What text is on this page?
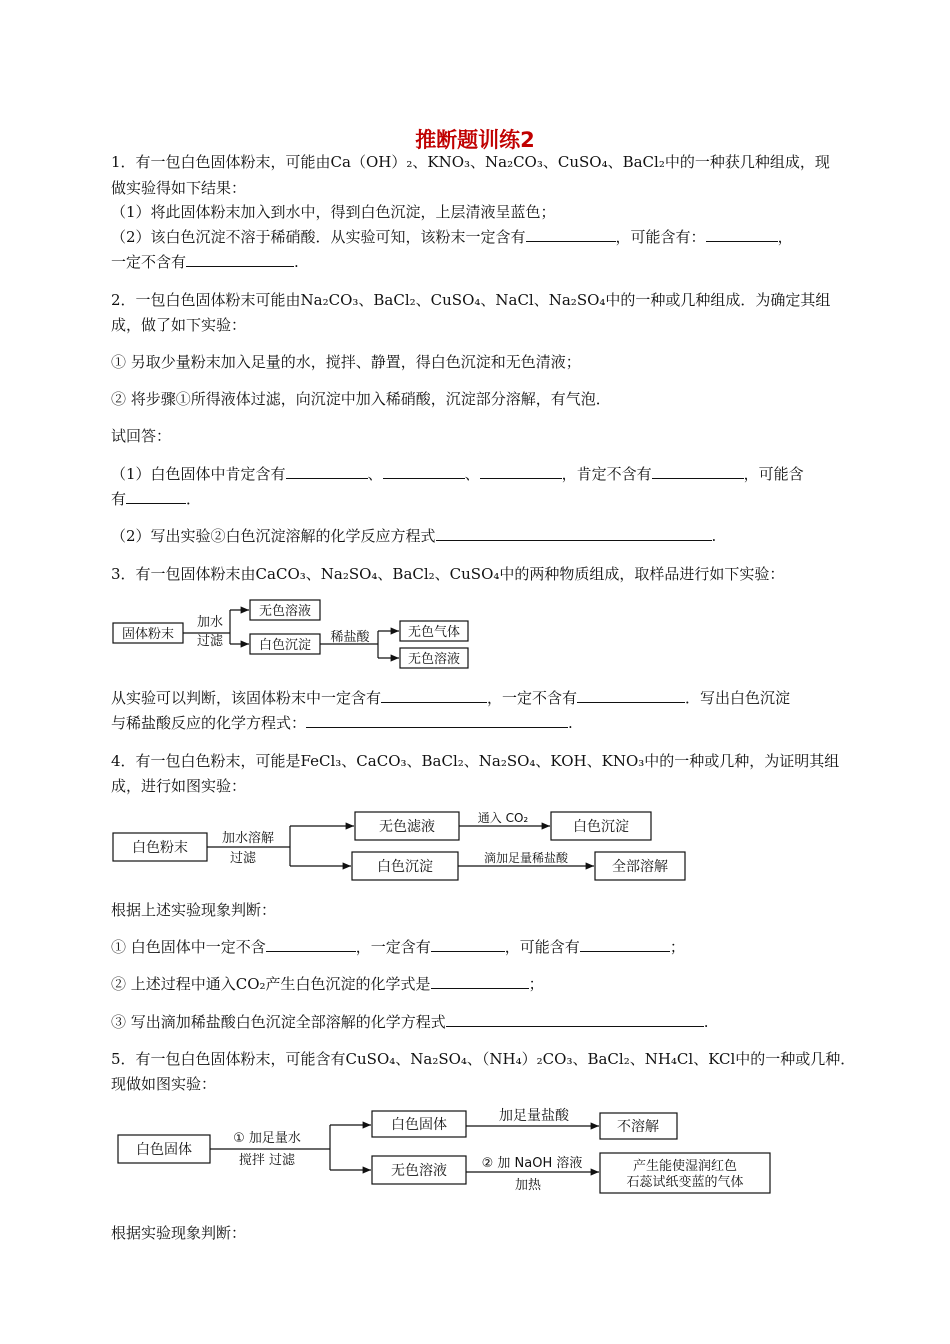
推断题训练2
1．有一包白色固体粉末，可能由Ca（OH）₂、KNO₃、Na₂CO₃、CuSO₄、BaCl₂中的一种获几种组成，现
做实验得如下结果：
（1）将此固体粉末加入到水中，得到白色沉淀，上层清液呈蓝色；
（2）该白色沉淀不溶于稀硝酸．从实验可知，该粉末一定含有	，可能含有：	，
一定不含有	.
2．一包白色固体粉末可能由Na₂CO₃、BaCl₂、CuSO₄、NaCl、Na₂SO₄中的一种或几种组成．为确定其组
成，做了如下实验：
① 另取少量粉末加入足量的水，搅拌、静置，得白色沉淀和无色清液；
② 将步骤①所得液体过滤，向沉淀中加入稀硝酸，沉淀部分溶解，有气泡．
试回答：
（1）白色固体中肯定含有	、	、	，肯定不含有	，可能含
有	．
（2）写出实验②白色沉淀溶解的化学反应方程式	.
3．有一包固体粉末由CaCO₃、Na₂SO₄、BaCl₂、CuSO₄中的两种物质组成，取样品进行如下实验：
固体粉末
加水
过滤
无色溶液
白色沉淀
稀盐酸	无色气体
无色溶液
白色粉末
加水溶解
过滤
无色滤液
通入 CO₂
白色沉淀
白色沉淀
滴加足量稀盐酸
全部溶解
白色固体
① 加足量水
搅拌 过滤
白色固体
加足量盐酸
不溶解
无色溶液	② 加 NaOH 溶液
加热
产生能使湿润红色
石蕊试纸变蓝的气体
从实验可以判断，该固体粉末中一定含有	，一定不含有	．写出白色沉淀
与稀盐酸反应的化学方程式：	.
4．有一包白色粉末，可能是FeCl₃、CaCO₃、BaCl₂、Na₂SO₄、KOH、KNO₃中的一种或几种，为证明其组
成，进行如图实验：
根据上述实验现象判断：
① 白色固体中一定不含	，一定含有	，可能含有	；
② 上述过程中通入CO₂产生白色沉淀的化学式是	；
③ 写出滴加稀盐酸白色沉淀全部溶解的化学方程式	.
5．有一包白色固体粉末，可能含有CuSO₄、Na₂SO₄、（NH₄）₂CO₃、BaCl₂、NH₄Cl、KCl中的一种或几种．
现做如图实验：
根据实验现象判断：
